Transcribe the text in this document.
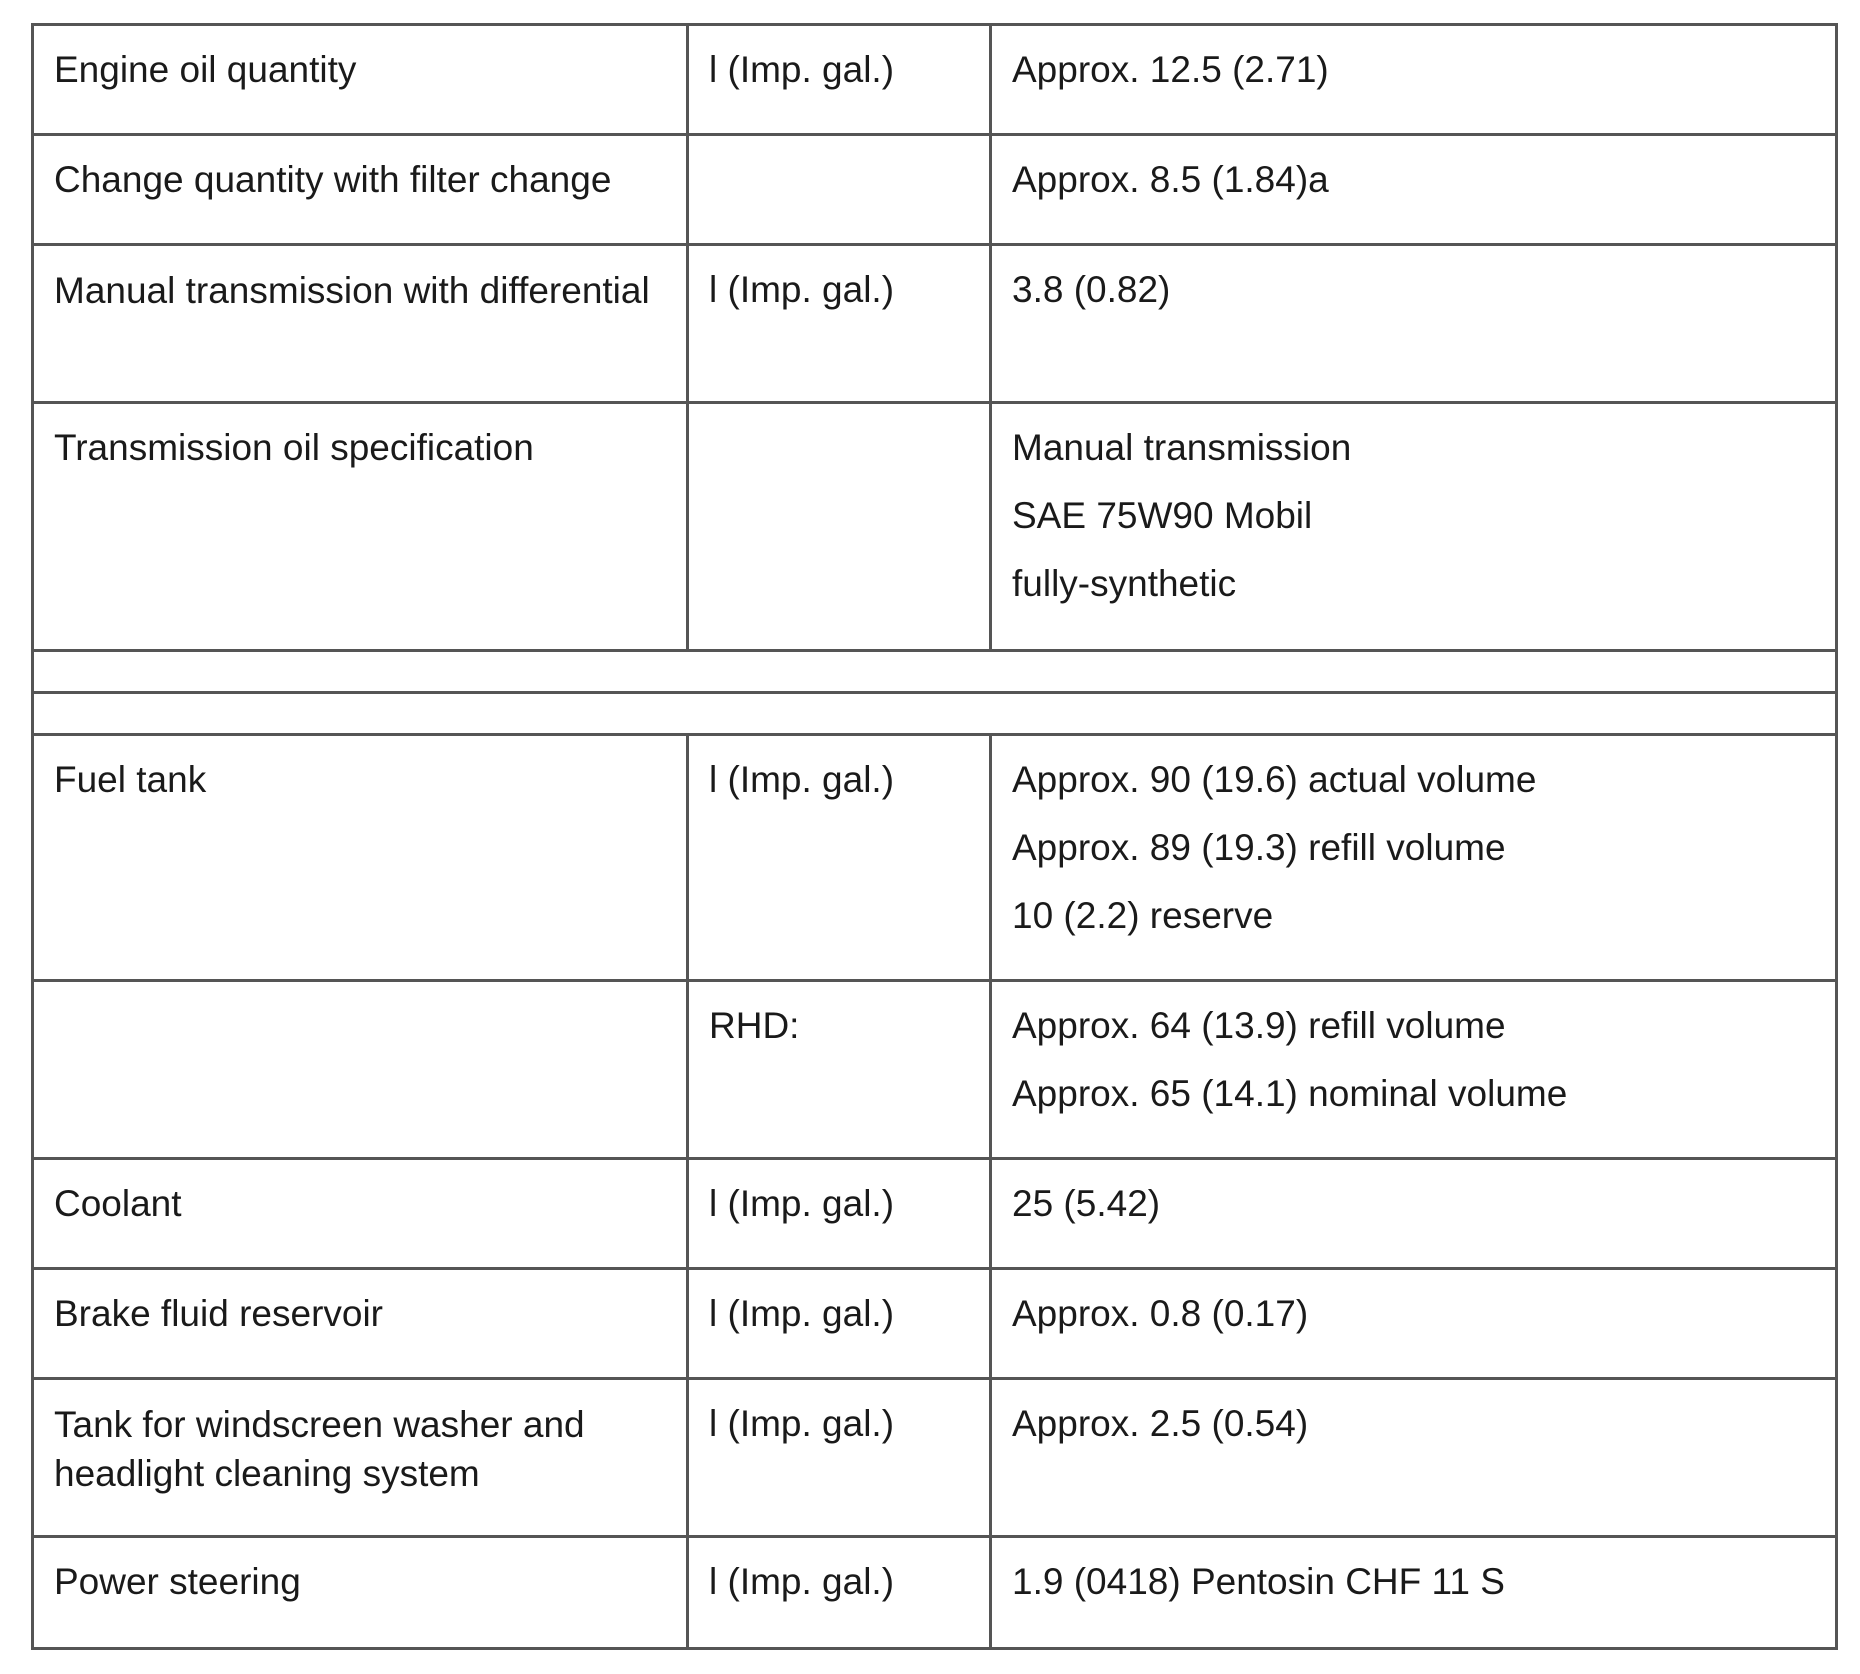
Engine oil quantity	l (Imp. gal.)	Approx. 12.5 (2.71)

Change quantity with filter change		Approx. 8.5 (1.84)a

Manual transmission with differential	l (Imp. gal.)	3.8 (0.82)

Transmission oil specification		Manual transmission
SAE 75W90 Mobil
fully-synthetic

Fuel tank	l (Imp. gal.)	Approx. 90 (19.6) actual volume
Approx. 89 (19.3) refill volume
10 (2.2) reserve

	RHD:	Approx. 64 (13.9) refill volume
Approx. 65 (14.1) nominal volume

Coolant	l (Imp. gal.)	25 (5.42)

Brake fluid reservoir	l (Imp. gal.)	Approx. 0.8 (0.17)

Tank for windscreen washer and headlight cleaning system	l (Imp. gal.)	Approx. 2.5 (0.54)

Power steering	l (Imp. gal.)	1.9 (0418) Pentosin CHF 11 S
